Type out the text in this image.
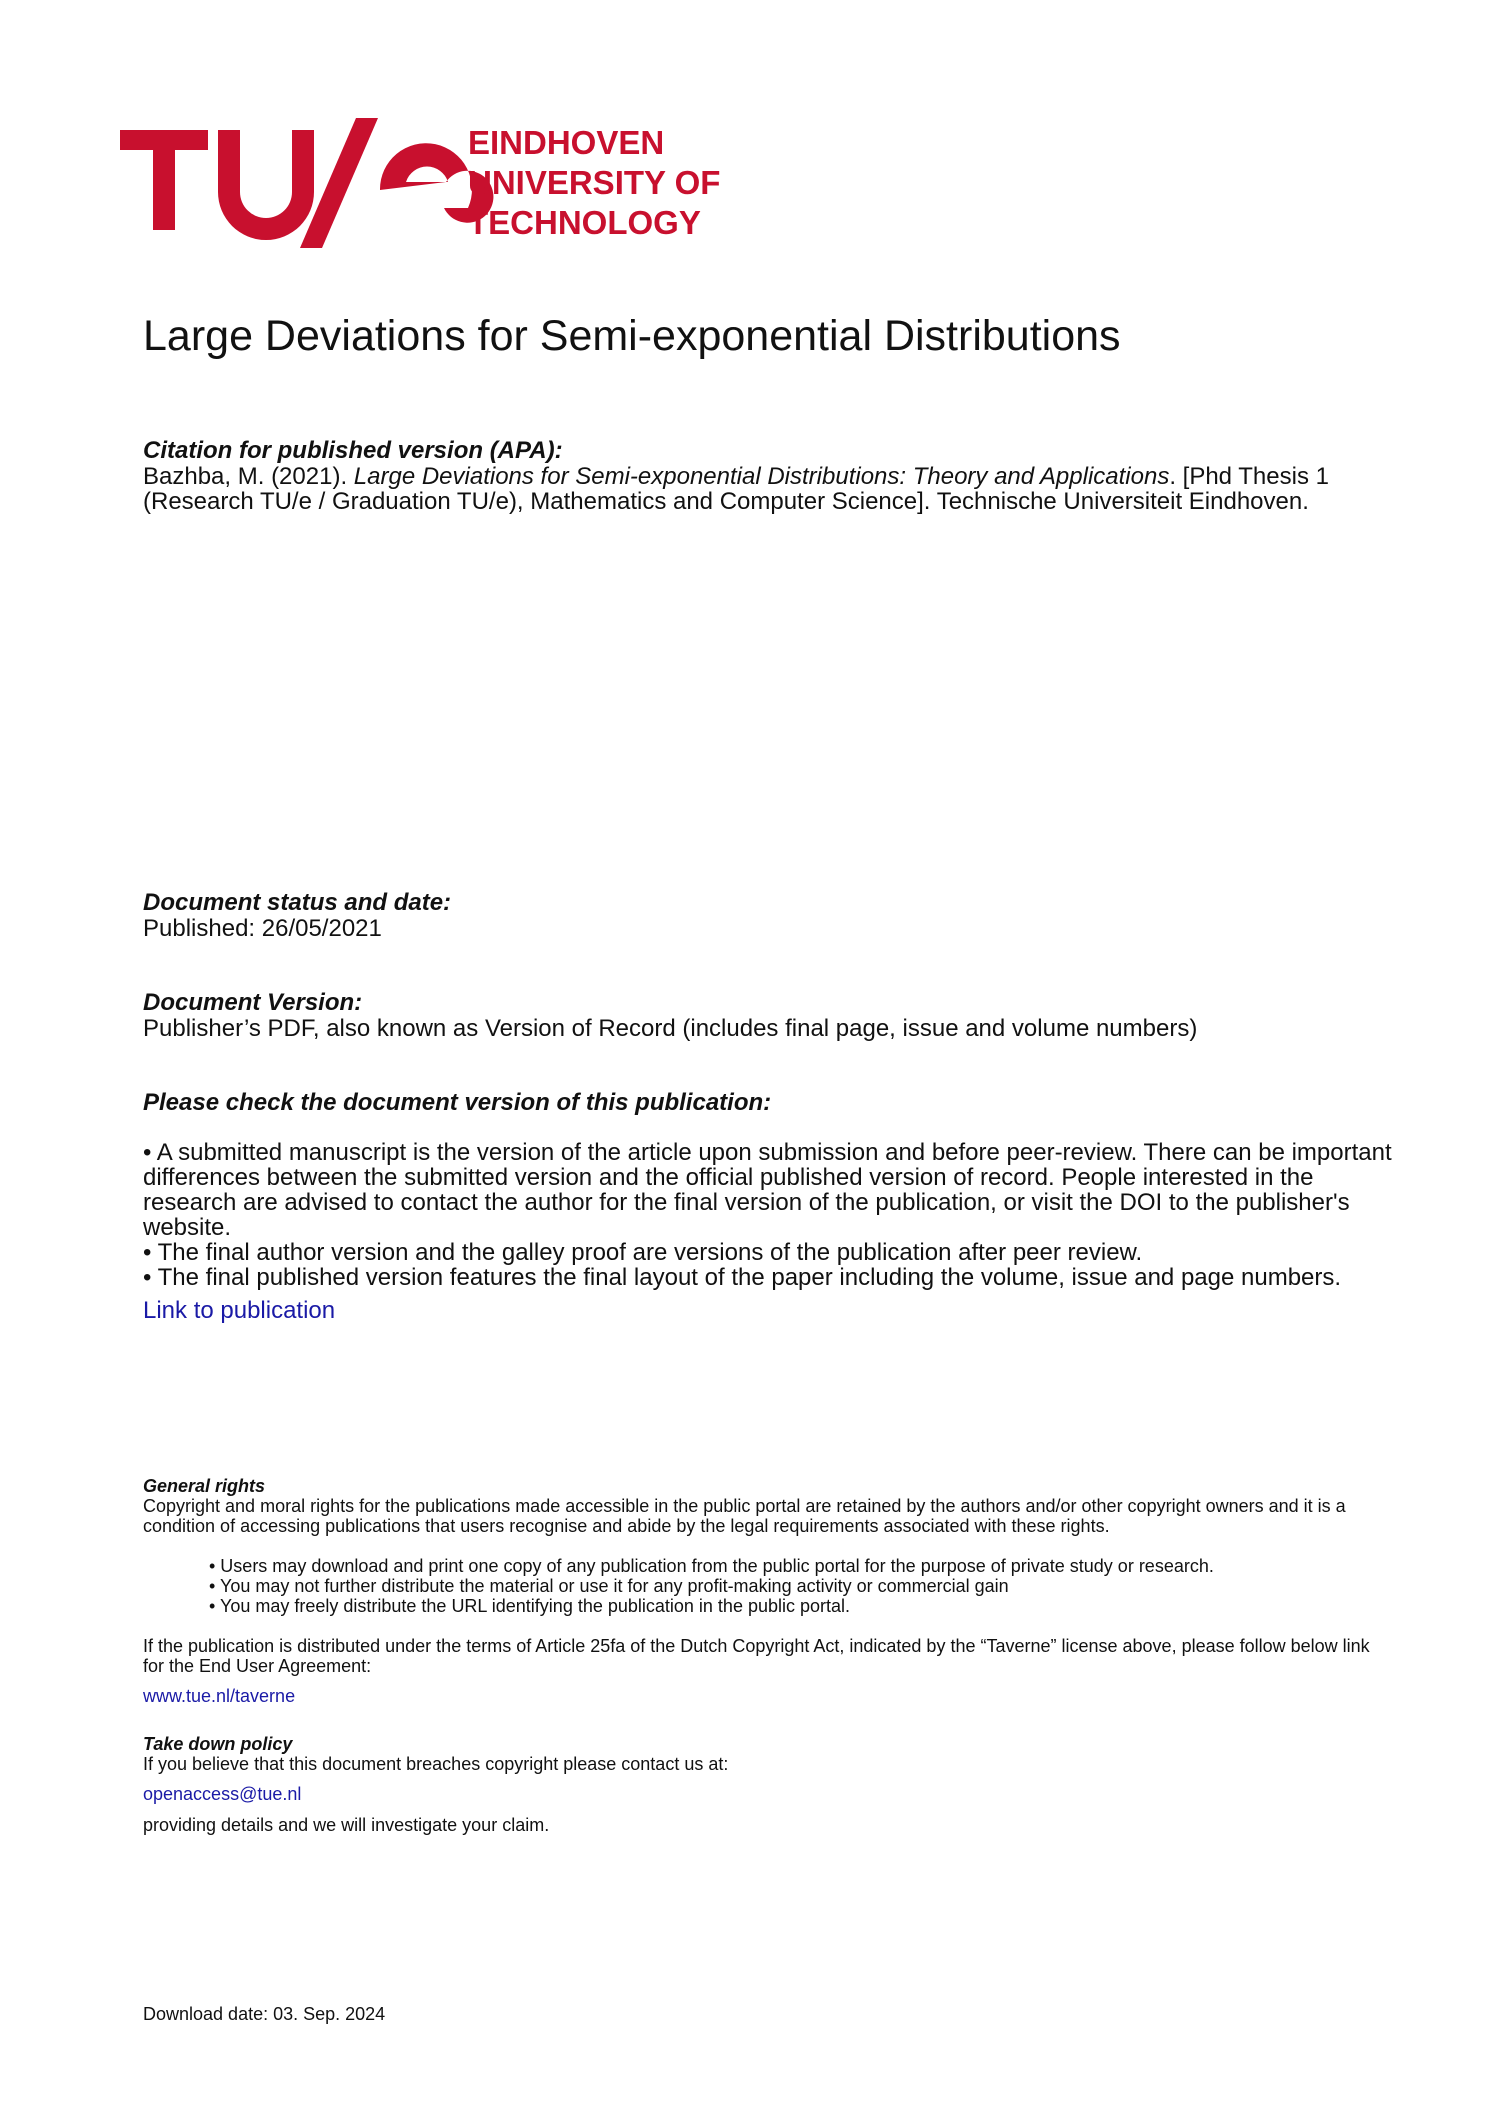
EINDHOVEN
UNIVERSITY OF
TECHNOLOGY
Large Deviations for Semi-exponential Distributions

Citation for published version (APA):

Bazhba, M. (2021). Large Deviations for Semi-exponential Distributions: Theory and Applications. [Phd Thesis 1 (Research TU/e / Graduation TU/e), Mathematics and Computer Science]. Technische Universiteit Eindhoven.

Document status and date:

Published: 26/05/2021

Document Version:

Publisher’s PDF, also known as Version of Record (includes final page, issue and volume numbers)

Please check the document version of this publication:

• A submitted manuscript is the version of the article upon submission and before peer-review. There can be important differences between the submitted version and the official published version of record. People interested in the research are advised to contact the author for the final version of the publication, or visit the DOI to the publisher's website.
• The final author version and the galley proof are versions of the publication after peer review.
• The final published version features the final layout of the paper including the volume, issue and page numbers.
Link to publication

General rights

Copyright and moral rights for the publications made accessible in the public portal are retained by the authors and/or other copyright owners and it is a condition of accessing publications that users recognise and abide by the legal requirements associated with these rights.

• Users may download and print one copy of any publication from the public portal for the purpose of private study or research.
• You may not further distribute the material or use it for any profit-making activity or commercial gain
• You may freely distribute the URL identifying the publication in the public portal.

If the publication is distributed under the terms of Article 25fa of the Dutch Copyright Act, indicated by the “Taverne” license above, please follow below link for the End User Agreement:

www.tue.nl/taverne

Take down policy

If you believe that this document breaches copyright please contact us at:

openaccess@tue.nl

providing details and we will investigate your claim.

Download date: 03. Sep. 2024
